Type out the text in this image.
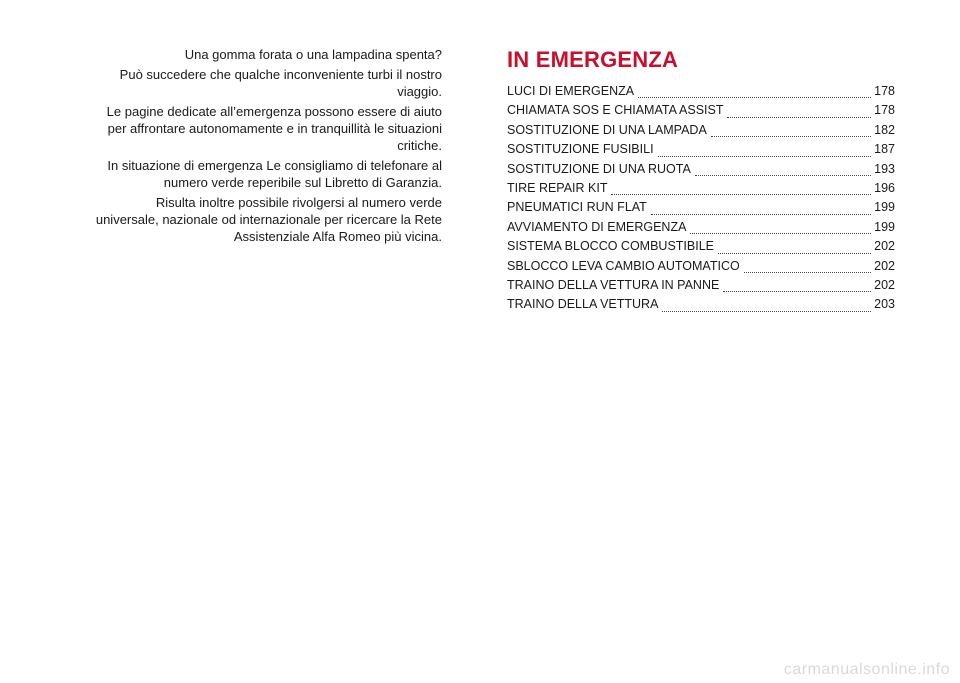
Una gomma forata o una lampadina spenta?

Può succedere che qualche inconveniente turbi il nostro viaggio.

Le pagine dedicate all’emergenza possono essere di aiuto per affrontare autonomamente e in tranquillità le situazioni critiche.

In situazione di emergenza Le consigliamo di telefonare al numero verde reperibile sul Libretto di Garanzia.

Risulta inoltre possibile rivolgersi al numero verde universale, nazionale od internazionale per ricercare la Rete Assistenziale Alfa Romeo più vicina.

IN EMERGENZA
LUCI DI EMERGENZA	178
CHIAMATA SOS E CHIAMATA ASSIST	178
SOSTITUZIONE DI UNA LAMPADA	182
SOSTITUZIONE FUSIBILI	187
SOSTITUZIONE DI UNA RUOTA	193
TIRE REPAIR KIT	196
PNEUMATICI RUN FLAT	199
AVVIAMENTO DI EMERGENZA	199
SISTEMA BLOCCO COMBUSTIBILE	202
SBLOCCO LEVA CAMBIO AUTOMATICO	202
TRAINO DELLA VETTURA IN PANNE	202
TRAINO DELLA VETTURA	203
carmanualsonline.info
